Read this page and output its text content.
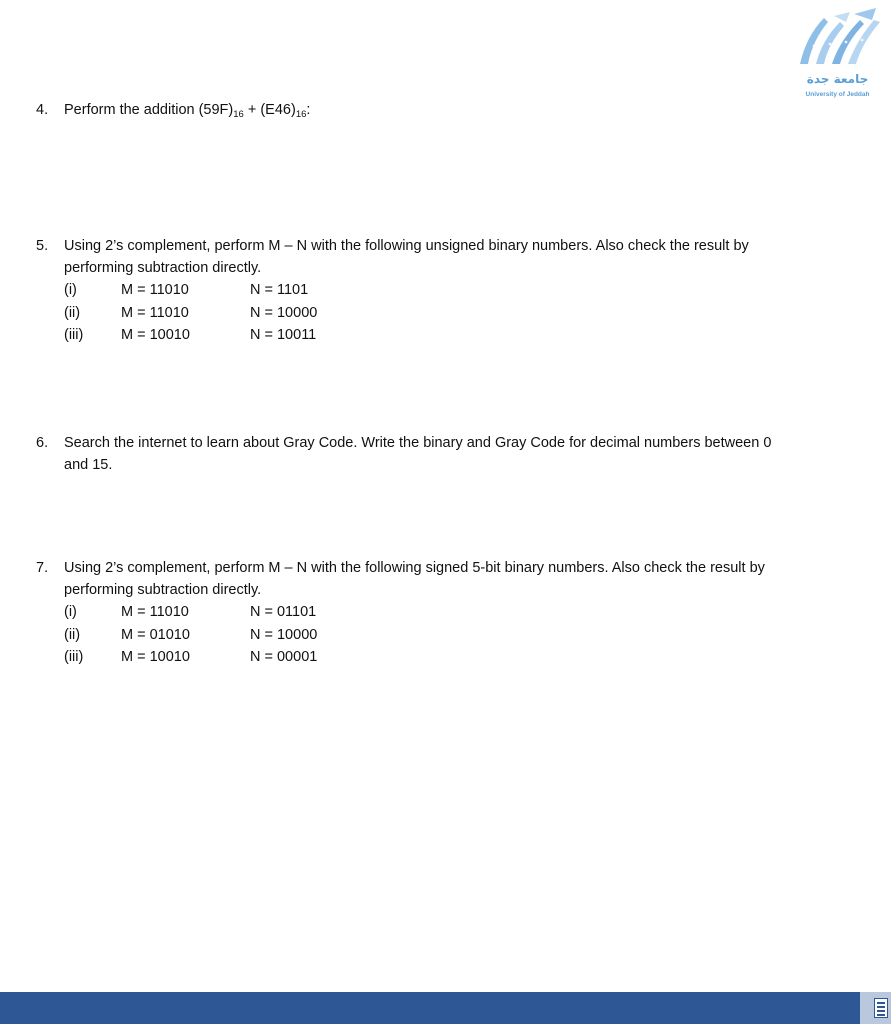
جامعة جدة
University of Jeddah
4. Perform the addition $(59F)_{16} + (E46)_{16}$:
5. Using 2’s complement, perform M – N with the following unsigned binary numbers. Also check the result by
performing subtraction directly.
(i)	M = 11010	N = 1101
(ii)	M = 11010	N = 10000
(iii)	M = 10010	N = 10011
6. Search the internet to learn about Gray Code. Write the binary and Gray Code for decimal numbers between 0
and 15.
7. Using 2’s complement, perform M – N with the following signed 5-bit binary numbers. Also check the result by
performing subtraction directly.
(i)	M = 11010	N = 01101
(ii)	M = 01010	N = 10000
(iii)	M = 10010	N = 00001
